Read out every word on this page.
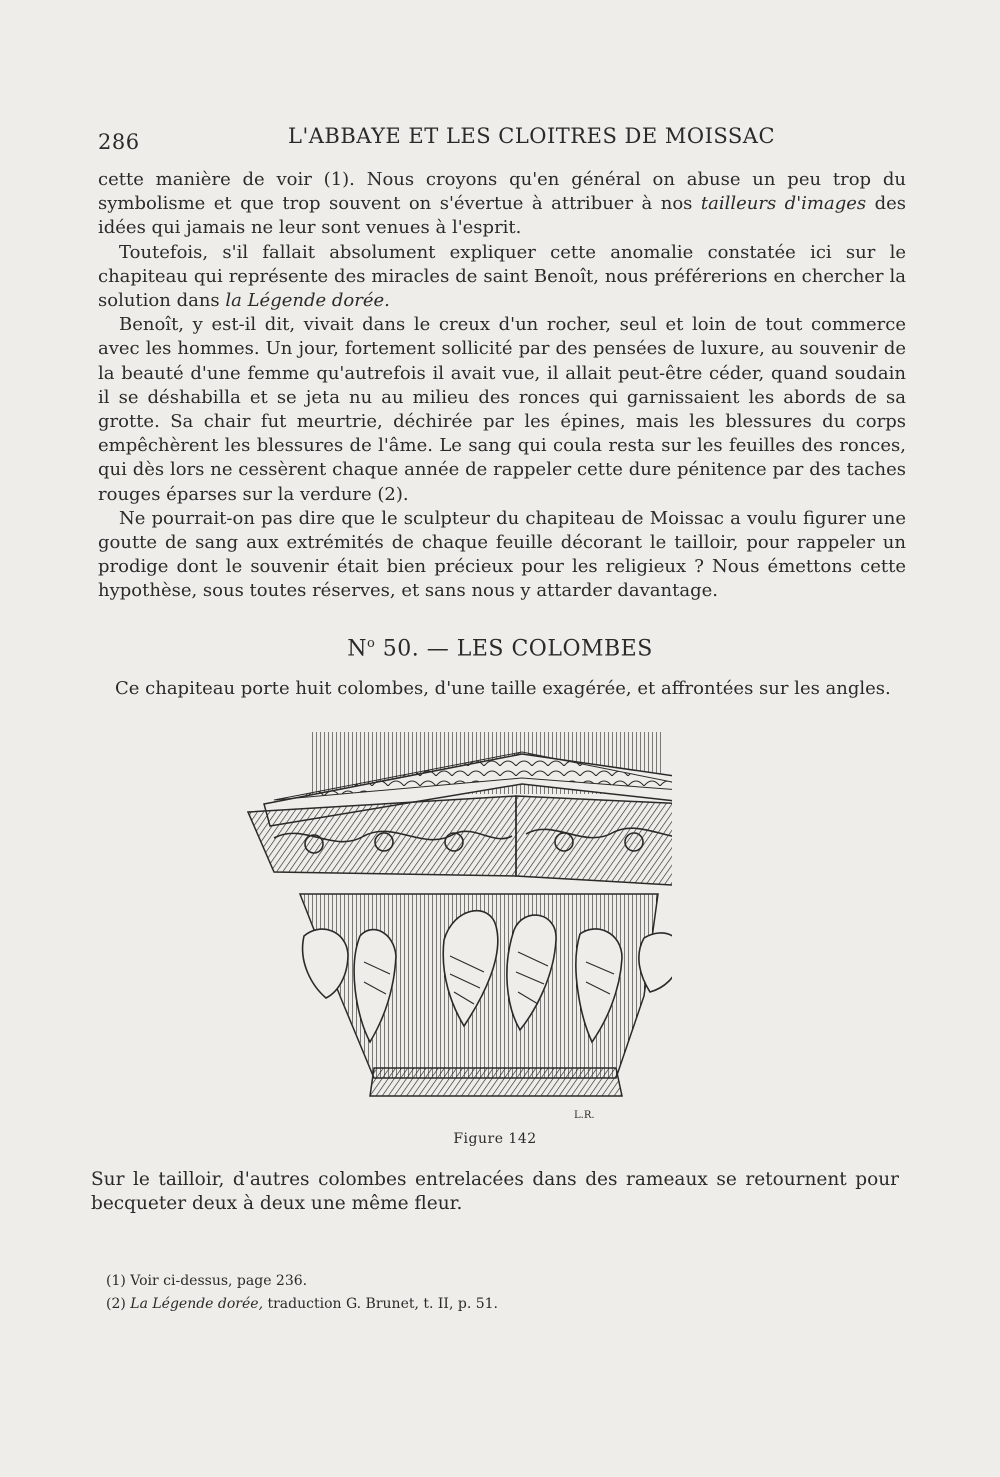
286	L'ABBAYE ET LES CLOITRES DE MOISSAC

cette manière de voir (1). Nous croyons qu'en général on abuse un peu trop du symbolisme et que trop souvent on s'évertue à attribuer à nos tailleurs d'images des idées qui jamais ne leur sont venues à l'esprit.

Toutefois, s'il fallait absolument expliquer cette anomalie constatée ici sur le chapiteau qui représente des miracles de saint Benoît, nous préférerions en chercher la solution dans la Légende dorée.

Benoît, y est-il dit, vivait dans le creux d'un rocher, seul et loin de tout commerce avec les hommes. Un jour, fortement sollicité par des pensées de luxure, au souvenir de la beauté d'une femme qu'autrefois il avait vue, il allait peut-être céder, quand soudain il se déshabilla et se jeta nu au milieu des ronces qui garnissaient les abords de sa grotte. Sa chair fut meurtrie, déchirée par les épines, mais les blessures du corps empêchèrent les blessures de l'âme. Le sang qui coula resta sur les feuilles des ronces, qui dès lors ne cessèrent chaque année de rappeler cette dure pénitence par des taches rouges éparses sur la verdure (2).

Ne pourrait-on pas dire que le sculpteur du chapiteau de Moissac a voulu figurer une goutte de sang aux extrémités de chaque feuille décorant le tailloir, pour rappeler un prodige dont le souvenir était bien précieux pour les religieux ? Nous émettons cette hypothèse, sous toutes réserves, et sans nous y attarder davantage.

$N^o$ 50. — LES COLOMBES
Ce chapiteau porte huit colombes, d'une taille exagérée, et affrontées sur les angles.
L.R.
Figure 142
Sur le tailloir, d'autres colombes entrelacées dans des rameaux se retournent pour becqueter deux à deux une même fleur.

(1) Voir ci-dessus, page 236.

(2) La Légende dorée, traduction G. Brunet, t. II, p. 51.
